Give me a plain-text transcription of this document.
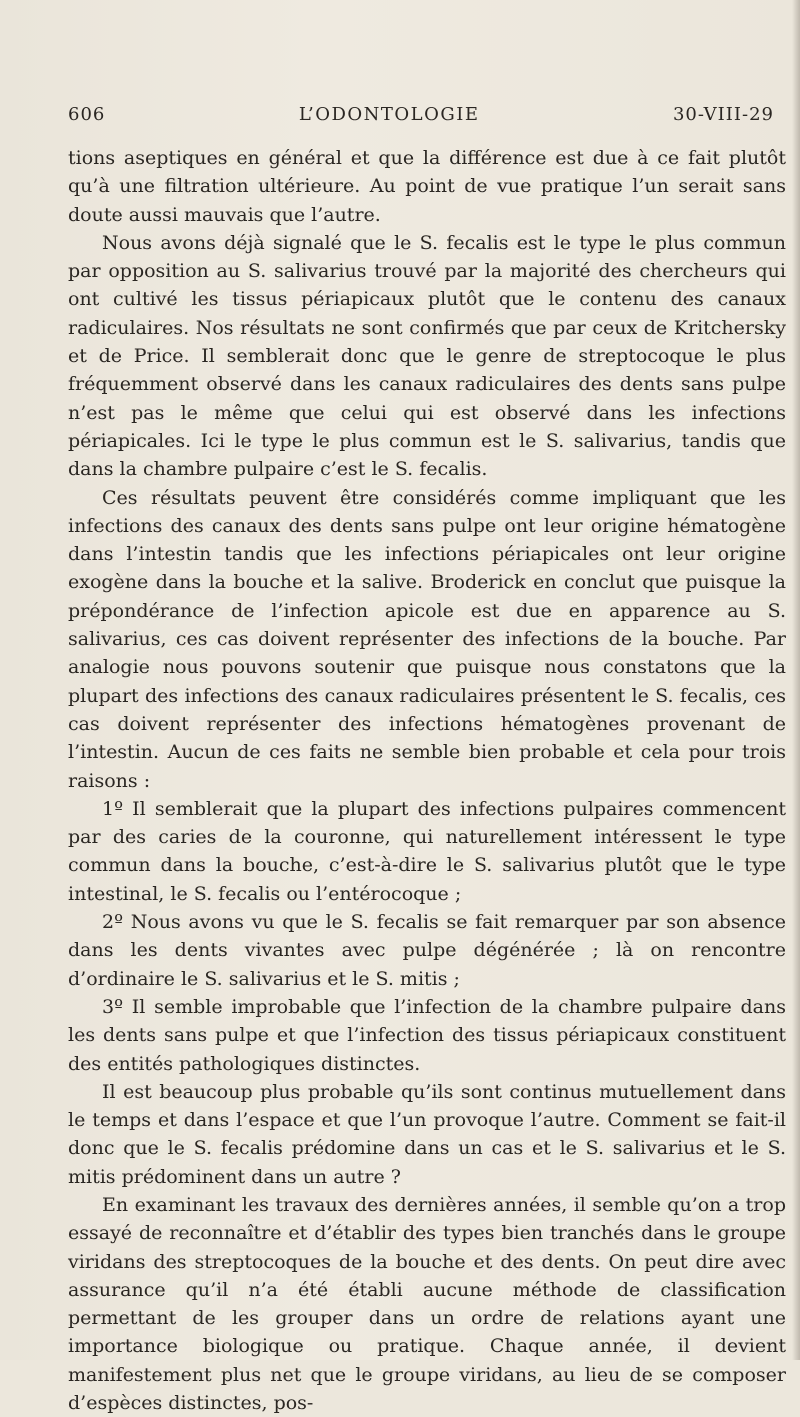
606	L’ODONTOLOGIE	30-VIII-29

tions aseptiques en général et que la différence est due à ce fait plutôt qu’à une filtration ultérieure. Au point de vue pratique l’un serait sans doute aussi mauvais que l’autre.

Nous avons déjà signalé que le S. fecalis est le type le plus commun par opposition au S. salivarius trouvé par la majorité des chercheurs qui ont cultivé les tissus périapicaux plutôt que le contenu des canaux radiculaires. Nos résultats ne sont confirmés que par ceux de Kritchersky et de Price. Il semblerait donc que le genre de streptocoque le plus fréquemment observé dans les canaux radiculaires des dents sans pulpe n’est pas le même que celui qui est observé dans les infections périapicales. Ici le type le plus commun est le S. salivarius, tandis que dans la chambre pulpaire c’est le S. fecalis.

Ces résultats peuvent être considérés comme impliquant que les infections des canaux des dents sans pulpe ont leur origine hématogène dans l’intestin tandis que les infections périapicales ont leur origine exogène dans la bouche et la salive. Broderick en conclut que puisque la prépondérance de l’infection apicole est due en apparence au S. salivarius, ces cas doivent représenter des infections de la bouche. Par analogie nous pouvons soutenir que puisque nous constatons que la plupart des infections des canaux radiculaires présentent le S. fecalis, ces cas doivent représenter des infections hématogènes provenant de l’intestin. Aucun de ces faits ne semble bien probable et cela pour trois raisons :

1º Il semblerait que la plupart des infections pulpaires commencent par des caries de la couronne, qui naturellement intéressent le type commun dans la bouche, c’est-à-dire le S. salivarius plutôt que le type intestinal, le S. fecalis ou l’entérocoque ;

2º Nous avons vu que le S. fecalis se fait remarquer par son absence dans les dents vivantes avec pulpe dégénérée ; là on rencontre d’ordinaire le S. salivarius et le S. mitis ;

3º Il semble improbable que l’infection de la chambre pulpaire dans les dents sans pulpe et que l’infection des tissus périapicaux constituent des entités pathologiques distinctes.

Il est beaucoup plus probable qu’ils sont continus mutuellement dans le temps et dans l’espace et que l’un provoque l’autre. Comment se fait-il donc que le S. fecalis prédomine dans un cas et le S. salivarius et le S. mitis prédominent dans un autre ?

En examinant les travaux des dernières années, il semble qu’on a trop essayé de reconnaître et d’établir des types bien tranchés dans le groupe viridans des streptocoques de la bouche et des dents. On peut dire avec assurance qu’il n’a été établi aucune méthode de classification permettant de les grouper dans un ordre de relations ayant une importance biologique ou pratique. Chaque année, il devient manifestement plus net que le groupe viridans, au lieu de se composer d’espèces distinctes, pos-
